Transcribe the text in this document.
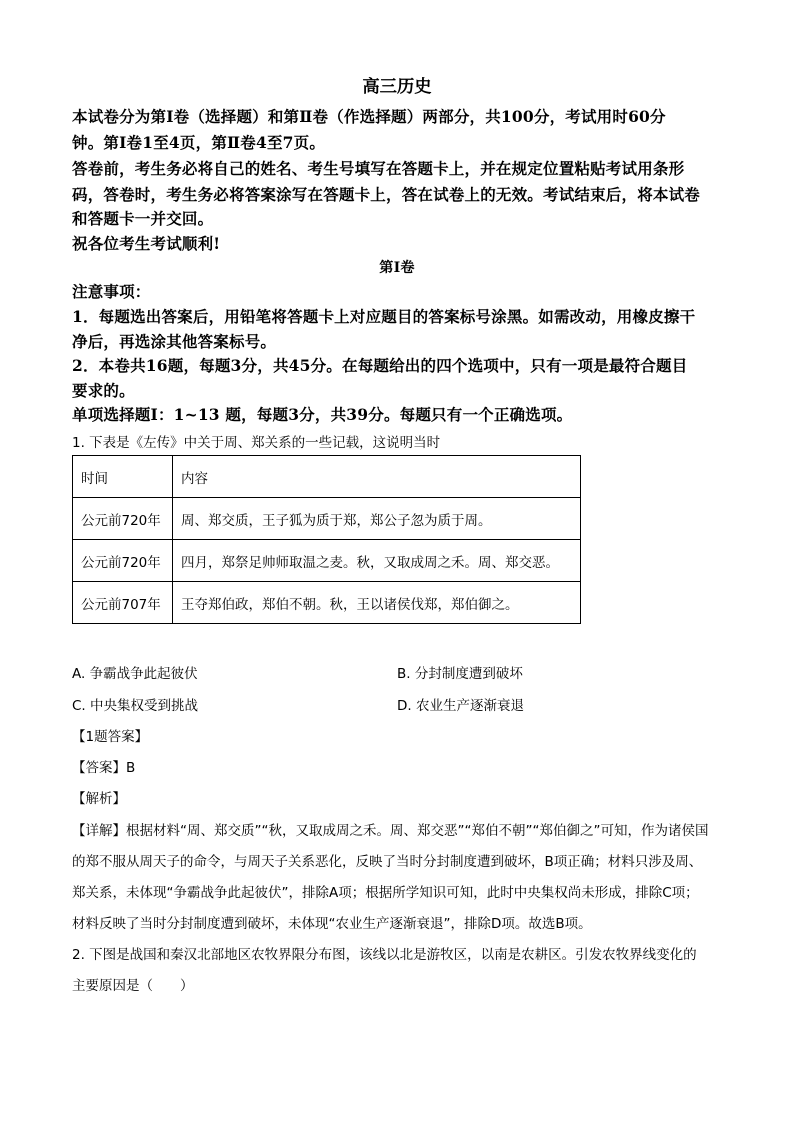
高三历史
本试卷分为第Ⅰ卷（选择题）和第Ⅱ卷（作选择题）两部分，共100分，考试用时60分
钟。第Ⅰ卷1至4页，第Ⅱ卷4至7页。
答卷前，考生务必将自己的姓名、考生号填写在答题卡上，并在规定位置粘贴考试用条形
码，答卷时，考生务必将答案涂写在答题卡上，答在试卷上的无效。考试结束后，将本试卷
和答题卡一并交回。
祝各位考生考试顺利!
第Ⅰ卷
注意事项：
1．每题选出答案后，用铅笔将答题卡上对应题目的答案标号涂黑。如需改动，用橡皮擦干
净后，再选涂其他答案标号。
2．本卷共16题，每题3分，共45分。在每题给出的四个选项中，只有一项是最符合题目
要求的。
单项选择题Ⅰ：1~13 题，每题3分，共39分。每题只有一个正确选项。
1. 下表是《左传》中关于周、郑关系的一些记载，这说明当时
时间	内容
公元前720年	周、郑交质，王子狐为质于郑，郑公子忽为质于周。
公元前720年	四月，郑祭足帅师取温之麦。秋，又取成周之禾。周、郑交恶。
公元前707年	王夺郑伯政，郑伯不朝。秋，王以诸侯伐郑，郑伯御之。
A. 争霸战争此起彼伏	B. 分封制度遭到破坏
C. 中央集权受到挑战	D. 农业生产逐渐衰退
【1题答案】
【答案】B
【解析】
【详解】根据材料“周、郑交质”“秋，又取成周之禾。周、郑交恶”“郑伯不朝”“郑伯御之”可知，作为诸侯国
的郑不服从周天子的命令，与周天子关系恶化，反映了当时分封制度遭到破坏，B项正确；材料只涉及周、
郑关系，未体现“争霸战争此起彼伏”，排除A项；根据所学知识可知，此时中央集权尚未形成，排除C项；
材料反映了当时分封制度遭到破坏，未体现“农业生产逐渐衰退”，排除D项。故选B项。
2. 下图是战国和秦汉北部地区农牧界限分布图，该线以北是游牧区，以南是农耕区。引发农牧界线变化的
主要原因是（　　）
